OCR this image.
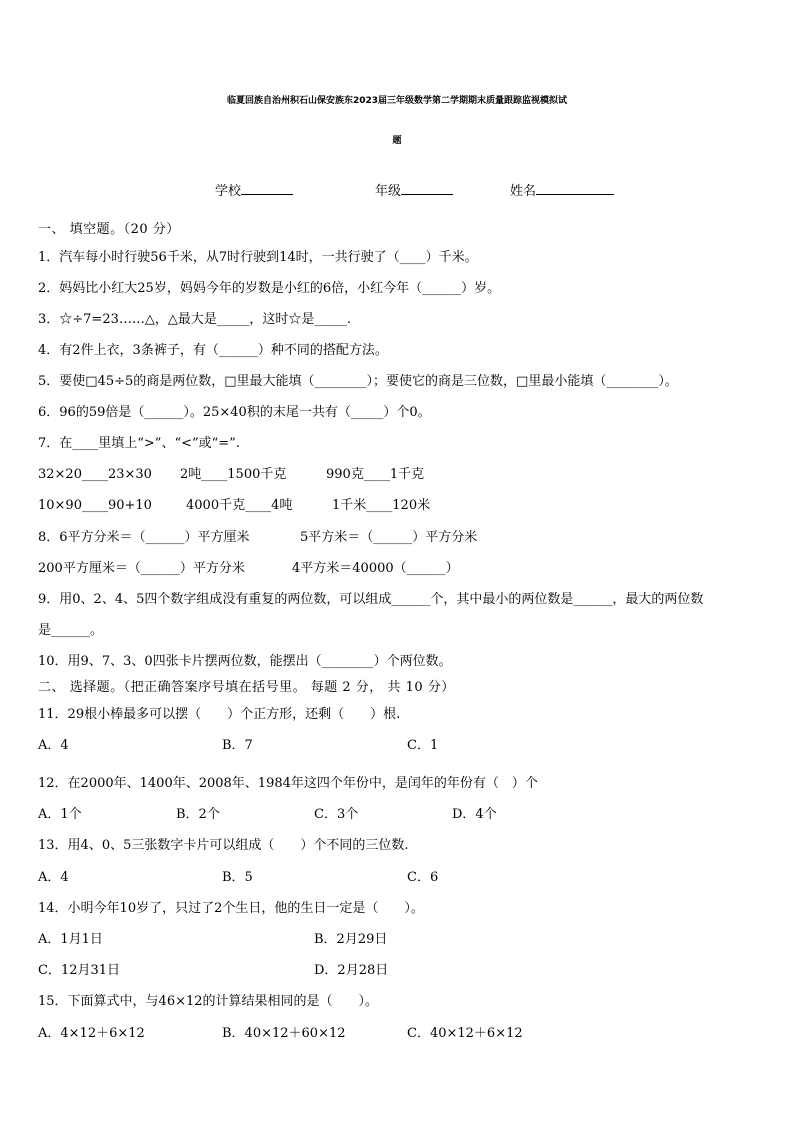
临夏回族自治州积石山保安族东2023届三年级数学第二学期期末质量跟踪监视模拟试
题
学校	年级	姓名
一、 填空题。（20 分）
1．汽车每小时行驶56千米，从7时行驶到14时，一共行驶了（____）千米。
2．妈妈比小红大25岁，妈妈今年的岁数是小红的6倍，小红今年（______）岁。
3．☆÷7=23……△，△最大是_____，这时☆是_____.
4．有2件上衣，3条裤子，有（______）种不同的搭配方法。
5．要使□45÷5的商是两位数，□里最大能填（________）；要使它的商是三位数，□里最小能填（________）。
6．96的59倍是（______）。25×40积的末尾一共有（_____）个0。
7．在____里填上“>”、“<”或“=”.
32×20____23×30 2吨____1500千克	990克____1千克
10×90____90+10	4000千克____4吨	1千米____120米
8．6平方分米＝（______）平方厘米	5平方米＝（______）平方分米
200平方厘米＝（______）平方分米	4平方米＝40000（______）
9．用0、2、4、5四个数字组成没有重复的两位数，可以组成______个，其中最小的两位数是______，最大的两位数
是______。
10．用9、7、3、0四张卡片摆两位数，能摆出（________）个两位数。
二、 选择题。（把正确答案序号填在括号里。 每题 2 分， 共 10 分）
11．29根小棒最多可以摆（　　）个正方形，还剩（　　）根.
A．4	B．7	C．1
12．在2000年、1400年、2008年、1984年这四个年份中，是闰年的年份有（　）个
A．1个	B．2个	C．3个	D．4个
13．用4、0、5三张数字卡片可以组成（　　）个不同的三位数.
A．4	B．5	C．6
14．小明今年10岁了，只过了2个生日，他的生日一定是（　　）。
A．1月1日	B．2月29日
C．12月31日	D．2月28日
15．下面算式中，与46×12的计算结果相同的是（　　）。
A．4×12＋6×12	B．40×12＋60×12	C．40×12＋6×12
